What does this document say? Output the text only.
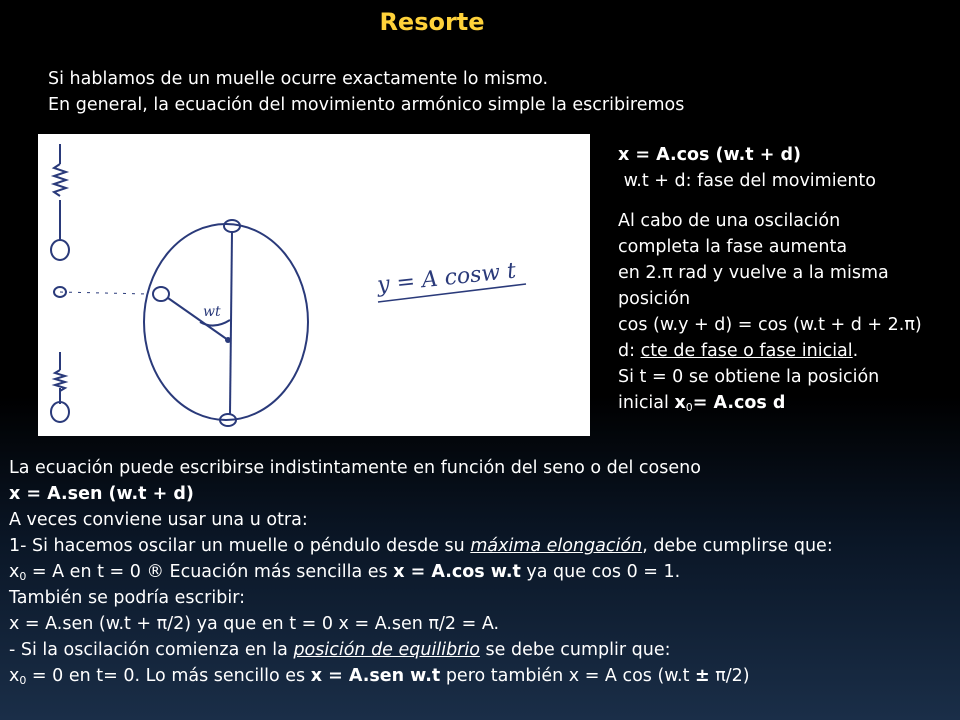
Resorte
Si hablamos de un muelle ocurre exactamente lo mismo.
En general, la ecuación del movimiento armónico simple la escribiremos
wt
y = A cosw t
x = A.cos (w.t + d)
w.t + d: fase del movimiento
Al cabo de una oscilación
completa la fase aumenta
en 2.π rad y vuelve a la misma
posición
cos (w.y + d) = cos (w.t + d + 2.π)
d: cte de fase o fase inicial.
Si t = 0 se obtiene la posición
inicial $x_0= A.\cos$ d
La ecuación puede escribirse indistintamente en función del seno o del coseno
x = A.sen (w.t + d)
A veces conviene usar una u otra:
1- Si hacemos oscilar un muelle o péndulo desde su máxima elongación, debe cumplirse que:
$x_0 = A$ en t = 0 ® Ecuación más sencilla es x = A.cos w.t ya que cos 0 = 1.
También se podría escribir:
x = A.sen (w.t + π/2) ya que en t = 0 x = A.sen π/2 = A.
- Si la oscilación comienza en la posición de equilibrio se debe cumplir que:
$x_0 = 0$ en t= 0. Lo más sencillo es x = A.sen w.t pero también x = A cos (w.t ± π/2)
